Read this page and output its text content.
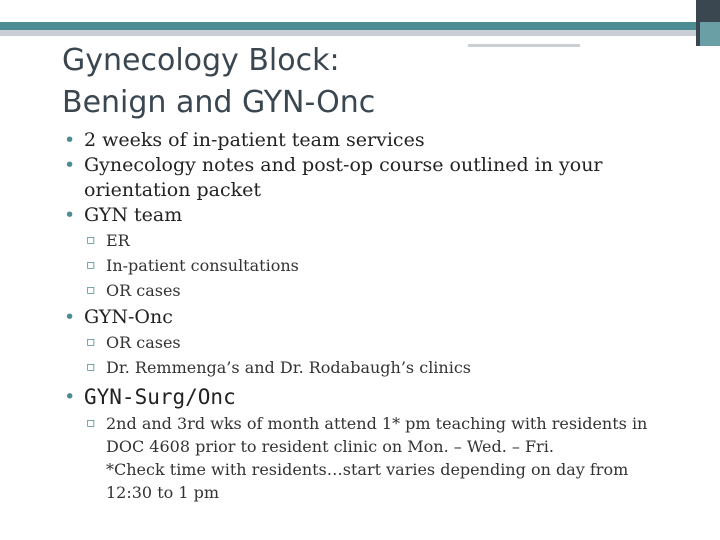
Gynecology Block:
Benign and GYN-Onc
• 2 weeks of in-patient team services
• Gynecology notes and post-op course outlined in your
orientation packet
• GYN team
▫ ER
▫ In-patient consultations
▫ OR cases
• GYN-Onc
▫ OR cases
▫ Dr. Remmenga’s and Dr. Rodabaugh’s clinics
• GYN-Surg/Onc
▫ 2nd and 3rd wks of month attend 1* pm teaching with residents in
DOC 4608 prior to resident clinic on Mon. – Wed. – Fri.
*Check time with residents…start varies depending on day from
12:30 to 1 pm
